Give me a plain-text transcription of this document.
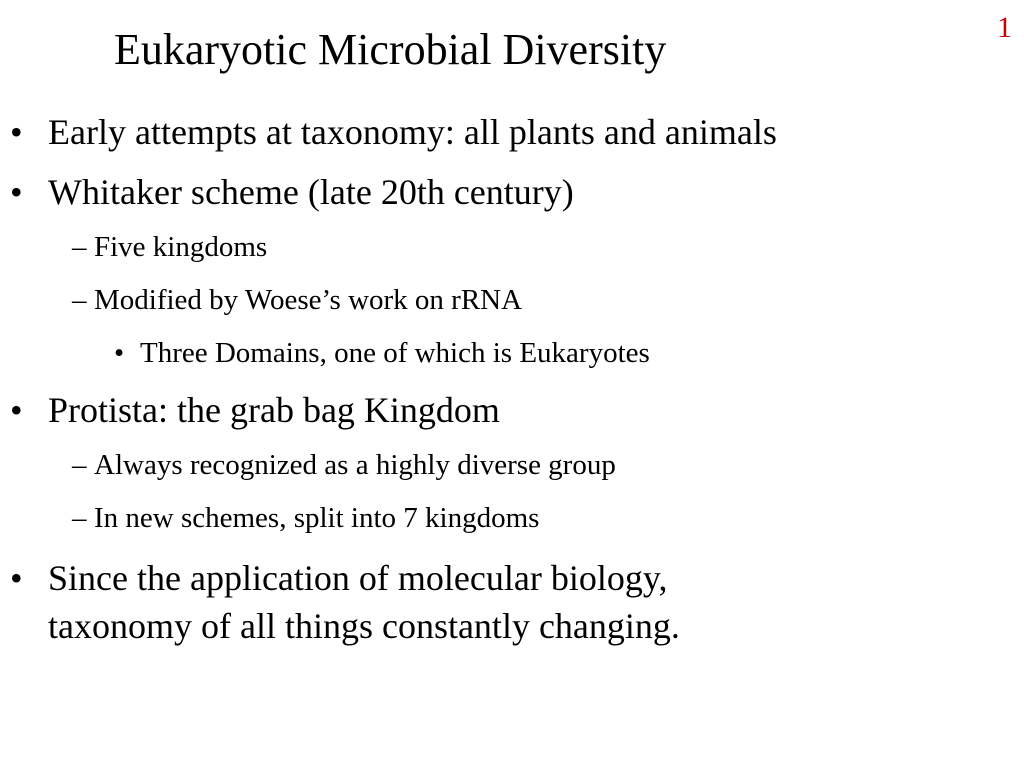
1
Eukaryotic Microbial Diversity
• Early attempts at taxonomy: all plants and animals
• Whitaker scheme (late 20th century)
– Five kingdoms
– Modified by Woese’s work on rRNA
• Three Domains, one of which is Eukaryotes
• Protista: the grab bag Kingdom
– Always recognized as a highly diverse group
– In new schemes, split into 7 kingdoms
• Since the application of molecular biology,
taxonomy of all things constantly changing.
